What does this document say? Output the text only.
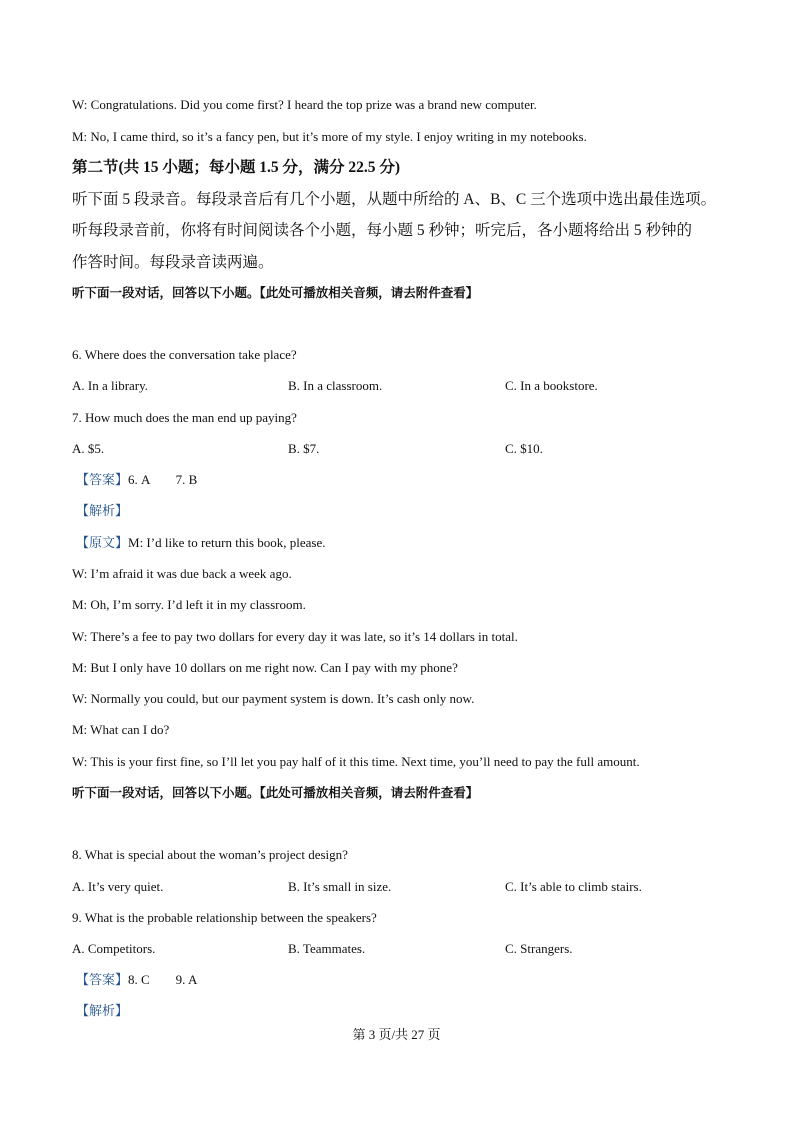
W: Congratulations. Did you come first? I heard the top prize was a brand new computer.
M: No, I came third, so it’s a fancy pen, but it’s more of my style. I enjoy writing in my notebooks.
第二节(共 15 小题；每小题 1.5 分，满分 22.5 分)
听下面 5 段录音。每段录音后有几个小题，从题中所给的 A、B、C 三个选项中选出最佳选项。
听每段录音前，你将有时间阅读各个小题，每小题 5 秒钟；听完后，各小题将给出 5 秒钟的
作答时间。每段录音读两遍。
听下面一段对话，回答以下小题。【此处可播放相关音频，请去附件查看】
6. Where does the conversation take place?
A. In a library.	B. In a classroom.	C. In a bookstore.
7. How much does the man end up paying?
A. $5.	B. $7.	C. $10.
【答案】6. A        7. B
【解析】
【原文】M: I’d like to return this book, please.
W: I’m afraid it was due back a week ago.
M: Oh, I’m sorry. I’d left it in my classroom.
W: There’s a fee to pay two dollars for every day it was late, so it’s 14 dollars in total.
M: But I only have 10 dollars on me right now. Can I pay with my phone?
W: Normally you could, but our payment system is down. It’s cash only now.
M: What can I do?
W: This is your first fine, so I’ll let you pay half of it this time. Next time, you’ll need to pay the full amount.
听下面一段对话，回答以下小题。【此处可播放相关音频，请去附件查看】
8. What is special about the woman’s project design?
A. It’s very quiet.	B. It’s small in size.	C. It’s able to climb stairs.
9. What is the probable relationship between the speakers?
A. Competitors.	B. Teammates.	C. Strangers.
【答案】8. C        9. A
【解析】
第 3 页/共 27 页
